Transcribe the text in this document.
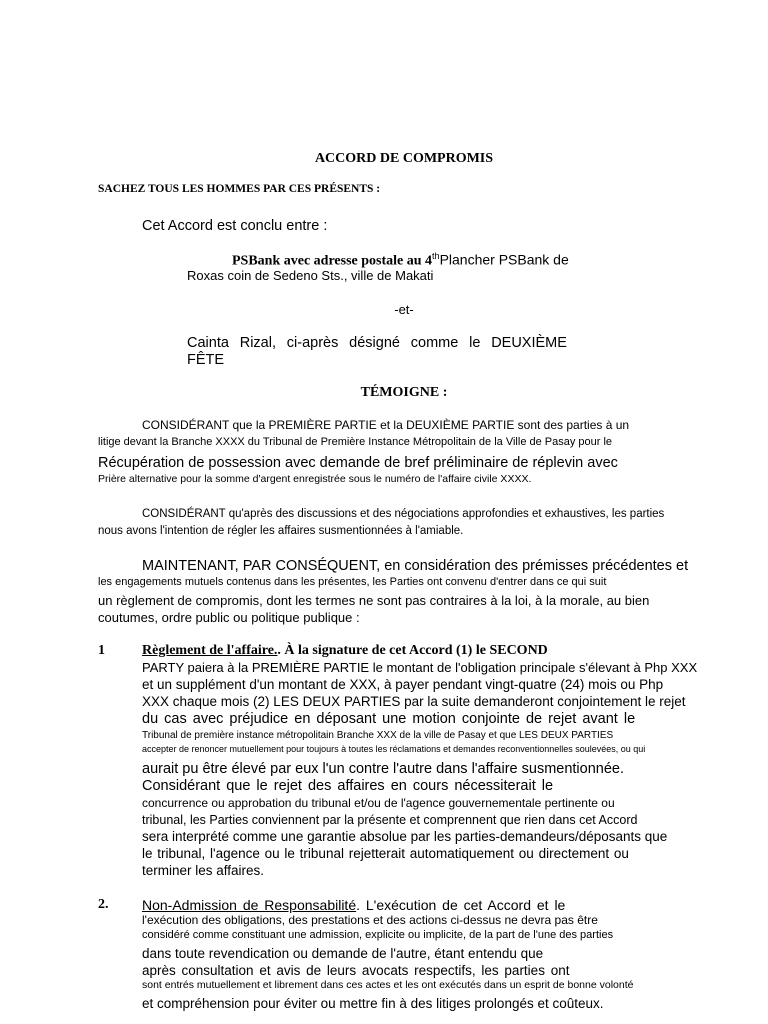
ACCORD DE COMPROMIS
SACHEZ TOUS LES HOMMES PAR CES PRÉSENTS :
Cet Accord est conclu entre :
PSBank avec adresse postale au 4thPlancher PSBank de
Roxas coin de Sedeno Sts., ville de Makati
-et-
Cainta Rizal, ci-après désigné comme le DEUXIÈME
FÊTE
TÉMOIGNE :
CONSIDÉRANT que la PREMIÈRE PARTIE et la DEUXIÈME PARTIE sont des parties à un
litige devant la Branche XXXX du Tribunal de Première Instance Métropolitain de la Ville de Pasay pour le
Récupération de possession avec demande de bref préliminaire de réplevin avec
Prière alternative pour la somme d'argent enregistrée sous le numéro de l'affaire civile XXXX.
CONSIDÉRANT qu'après des discussions et des négociations approfondies et exhaustives, les parties
nous avons l'intention de régler les affaires susmentionnées à l'amiable.
MAINTENANT, PAR CONSÉQUENT, en considération des prémisses précédentes et
les engagements mutuels contenus dans les présentes, les Parties ont convenu d'entrer dans ce qui suit
un règlement de compromis, dont les termes ne sont pas contraires à la loi, à la morale, au bien
coutumes, ordre public ou politique publique :
1	Règlement de l'affaire.. À la signature de cet Accord (1) le SECOND
PARTY paiera à la PREMIÈRE PARTIE le montant de l'obligation principale s'élevant à Php XXX
et un supplément d'un montant de XXX, à payer pendant vingt-quatre (24) mois ou Php
XXX chaque mois (2) LES DEUX PARTIES par la suite demanderont conjointement le rejet
du cas avec préjudice en déposant une motion conjointe de rejet avant le
Tribunal de première instance métropolitain Branche XXX de la ville de Pasay et que LES DEUX PARTIES
accepter de renoncer mutuellement pour toujours à toutes les réclamations et demandes reconventionnelles soulevées, ou qui
aurait pu être élevé par eux l'un contre l'autre dans l'affaire susmentionnée.
Considérant que le rejet des affaires en cours nécessiterait le
concurrence ou approbation du tribunal et/ou de l'agence gouvernementale pertinente ou
tribunal, les Parties conviennent par la présente et comprennent que rien dans cet Accord
sera interprété comme une garantie absolue par les parties-demandeurs/déposants que
le tribunal, l'agence ou le tribunal rejetterait automatiquement ou directement ou
terminer les affaires.
2. Non-Admission de Responsabilité. L'exécution de cet Accord et le
l'exécution des obligations, des prestations et des actions ci-dessus ne devra pas être
considéré comme constituant une admission, explicite ou implicite, de la part de l'une des parties
dans toute revendication ou demande de l'autre, étant entendu que
après consultation et avis de leurs avocats respectifs, les parties ont
sont entrés mutuellement et librement dans ces actes et les ont exécutés dans un esprit de bonne volonté
et compréhension pour éviter ou mettre fin à des litiges prolongés et coûteux.
